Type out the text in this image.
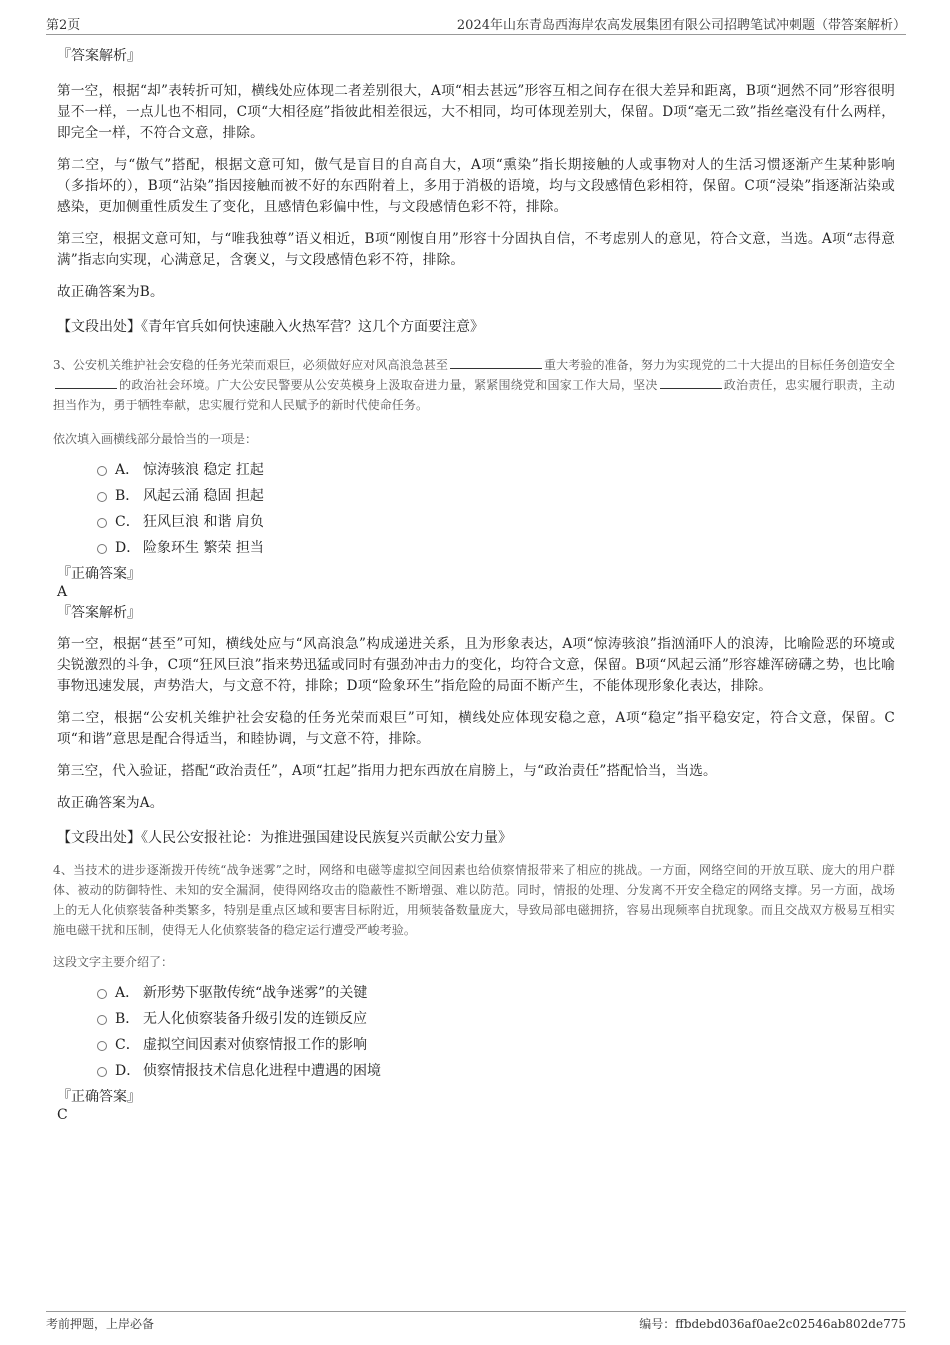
第2页	2024年山东青岛西海岸农高发展集团有限公司招聘笔试冲刺题（带答案解析）

『答案解析』

第一空，根据“却”表转折可知，横线处应体现二者差别很大，A项“相去甚远”形容互相之间存在很大差异和距离，B项“迥然不同”形容很明显不一样，一点儿也不相同，C项“大相径庭”指彼此相差很远，大不相同，均可体现差别大，保留。D项“毫无二致”指丝毫没有什么两样，即完全一样，不符合文意，排除。

第二空，与“傲气”搭配，根据文意可知，傲气是盲目的自高自大，A项“熏染”指长期接触的人或事物对人的生活习惯逐渐产生某种影响（多指坏的），B项“沾染”指因接触而被不好的东西附着上，多用于消极的语境，均与文段感情色彩相符，保留。C项“浸染”指逐渐沾染或感染，更加侧重性质发生了变化，且感情色彩偏中性，与文段感情色彩不符，排除。

第三空，根据文意可知，与“唯我独尊”语义相近，B项“刚愎自用”形容十分固执自信，不考虑别人的意见，符合文意，当选。A项“志得意满”指志向实现，心满意足，含褒义，与文段感情色彩不符，排除。

故正确答案为B。

【文段出处】《青年官兵如何快速融入火热军营？这几个方面要注意》

3、公安机关维护社会安稳的任务光荣而艰巨，必须做好应对风高浪急甚至	重大考验的准备，努力为实现党的二十大提出的目标任务创造安全的政治社会环境。广大公安民警要从公安英模身上汲取奋进力量，紧紧围绕党和国家工作大局，坚决	政治责任，忠实履行职责，主动担当作为，勇于牺牲奉献，忠实履行党和人民赋予的新时代使命任务。

依次填入画横线部分最恰当的一项是：

A． 惊涛骇浪 稳定 扛起
B． 风起云涌 稳固 担起
C． 狂风巨浪 和谐 肩负
D． 险象环生 繁荣 担当

『正确答案』

A

『答案解析』

第一空，根据“甚至”可知，横线处应与“风高浪急”构成递进关系，且为形象表达，A项“惊涛骇浪”指汹涌吓人的浪涛，比喻险恶的环境或尖锐激烈的斗争，C项“狂风巨浪”指来势迅猛或同时有强劲冲击力的变化，均符合文意，保留。B项“风起云涌”形容雄浑磅礴之势，也比喻事物迅速发展，声势浩大，与文意不符，排除；D项“险象环生”指危险的局面不断产生，不能体现形象化表达，排除。

第二空，根据“公安机关维护社会安稳的任务光荣而艰巨”可知，横线处应体现安稳之意，A项“稳定”指平稳安定，符合文意，保留。C项“和谐”意思是配合得适当，和睦协调，与文意不符，排除。

第三空，代入验证，搭配“政治责任”，A项“扛起”指用力把东西放在肩膀上，与“政治责任”搭配恰当，当选。

故正确答案为A。

【文段出处】《人民公安报社论：为推进强国建设民族复兴贡献公安力量》

4、当技术的进步逐渐拨开传统“战争迷雾”之时，网络和电磁等虚拟空间因素也给侦察情报带来了相应的挑战。一方面，网络空间的开放互联、庞大的用户群体、被动的防御特性、未知的安全漏洞，使得网络攻击的隐蔽性不断增强、难以防范。同时，情报的处理、分发离不开安全稳定的网络支撑。另一方面，战场上的无人化侦察装备种类繁多，特别是重点区域和要害目标附近，用频装备数量庞大，导致局部电磁拥挤，容易出现频率自扰现象。而且交战双方极易互相实施电磁干扰和压制，使得无人化侦察装备的稳定运行遭受严峻考验。

这段文字主要介绍了：

A． 新形势下驱散传统“战争迷雾”的关键
B． 无人化侦察装备升级引发的连锁反应
C． 虚拟空间因素对侦察情报工作的影响
D． 侦察情报技术信息化进程中遭遇的困境

『正确答案』

C

考前押题，上岸必备	编号：ffbdebd036af0ae2c02546ab802de775
